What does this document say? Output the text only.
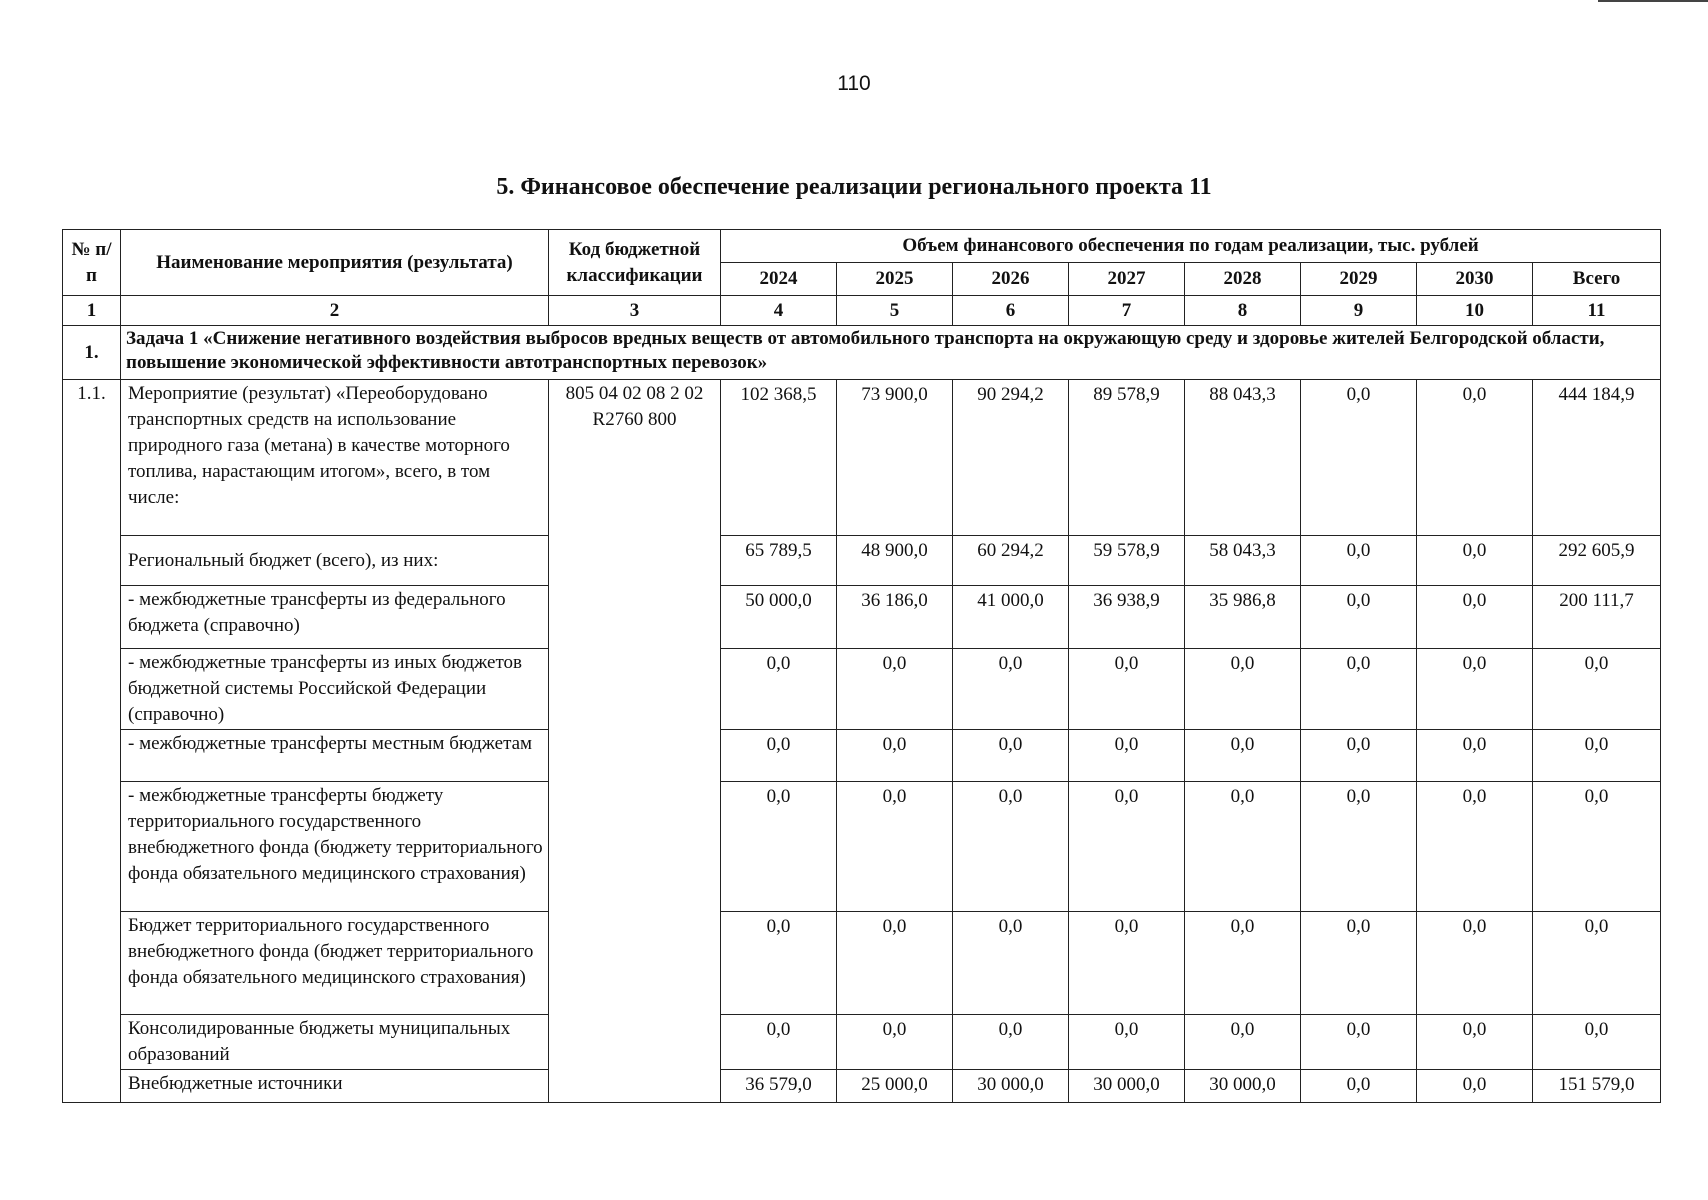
110
5. Финансовое обеспечение реализации регионального проекта 11
№ п/п	Наименование мероприятия (результата)	Код бюджетной классификации	Объем финансового обеспечения по годам реализации, тыс. рублей							
			2024	2025	2026	2027	2028	2029	2030	Всего
1	2	3	4	5	6	7	8	9	10	11
1.	Задача 1 «Снижение негативного воздействия выбросов вредных веществ от автомобильного транспорта на окружающую среду и здоровье жителей Белгородской области, повышение экономической эффективности автотранспортных перевозок»									
1.1.	Мероприятие (результат) «Переоборудовано транспортных средств на использование природного газа (метана) в качестве моторного топлива, нарастающим итогом», всего, в том числе:	805 04 02 08 2 02 R2760 800	102 368,5	73 900,0	90 294,2	89 578,9	88 043,3	0,0	0,0	444 184,9
	Региональный бюджет (всего), из них:		65 789,5	48 900,0	60 294,2	59 578,9	58 043,3	0,0	0,0	292 605,9
	- межбюджетные трансферты из федерального бюджета (справочно)		50 000,0	36 186,0	41 000,0	36 938,9	35 986,8	0,0	0,0	200 111,7
	- межбюджетные трансферты из иных бюджетов бюджетной системы Российской Федерации (справочно)		0,0	0,0	0,0	0,0	0,0	0,0	0,0	0,0
	- межбюджетные трансферты местным бюджетам		0,0	0,0	0,0	0,0	0,0	0,0	0,0	0,0
	- межбюджетные трансферты бюджету территориального государственного внебюджетного фонда (бюджету территориального фонда обязательного медицинского страхования)		0,0	0,0	0,0	0,0	0,0	0,0	0,0	0,0
	Бюджет территориального государственного внебюджетного фонда (бюджет территориального фонда обязательного медицинского страхования)		0,0	0,0	0,0	0,0	0,0	0,0	0,0	0,0
	Консолидированные бюджеты муниципальных образований		0,0	0,0	0,0	0,0	0,0	0,0	0,0	0,0
	Внебюджетные источники		36 579,0	25 000,0	30 000,0	30 000,0	30 000,0	0,0	0,0	151 579,0
